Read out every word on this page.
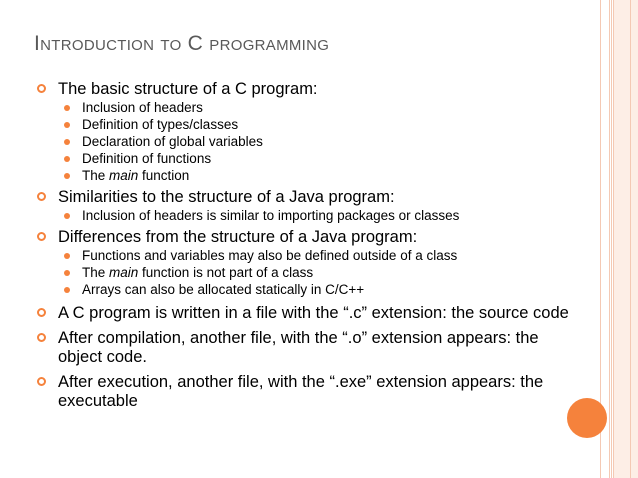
Introduction to C programming
The basic structure of a C program:
Inclusion of headers
Definition of types/classes
Declaration of global variables
Definition of functions
The main function
Similarities to the structure of a Java program:
Inclusion of headers is similar to importing packages or classes
Differences from the structure of a Java program:
Functions and variables may also be defined outside of a class
The main function is not part of a class
Arrays can also be allocated statically in C/C++
A C program is written in a file with the “.c” extension: the source code
After compilation, another file, with the “.o” extension appears: the object code.
After execution, another file, with the “.exe” extension appears: the executable
